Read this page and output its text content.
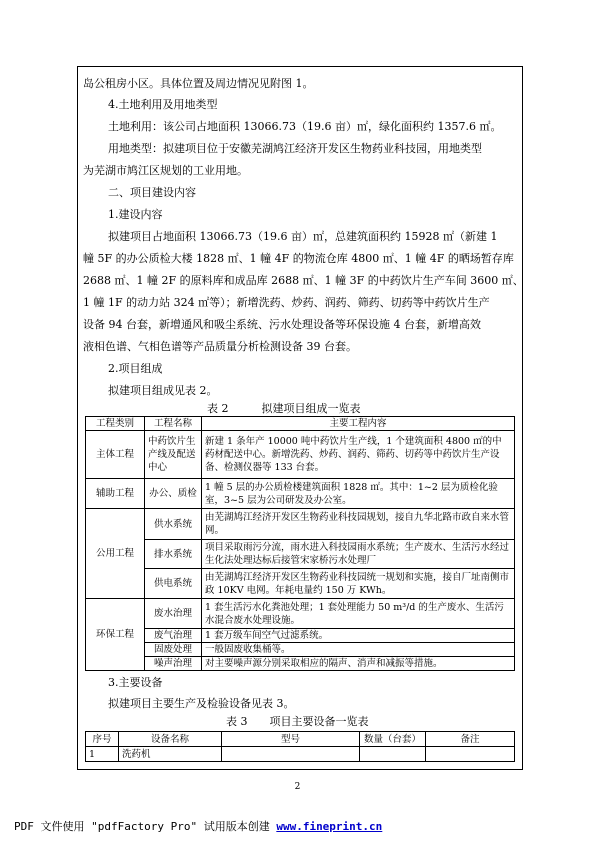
岛公租房小区。具体位置及周边情况见附图 1。
4.土地利用及用地类型
土地利用：该公司占地面积 13066.73（19.6 亩）㎡，绿化面积约 1357.6 ㎡。
用地类型：拟建项目位于安徽芜湖鸠江经济开发区生物药业科技园，用地类型
为芜湖市鸠江区规划的工业用地。
二、项目建设内容
1.建设内容
拟建项目占地面积 13066.73（19.6 亩）㎡，总建筑面积约 15928 ㎡（新建 1
幢 5F 的办公质检大楼 1828 ㎡、1 幢 4F 的物流仓库 4800 ㎡、1 幢 4F 的晒场暂存库
2688 ㎡、1 幢 2F 的原料库和成品库 2688 ㎡、1 幢 3F 的中药饮片生产车间 3600 ㎡、
1 幢 1F 的动力站 324 ㎡等）；新增洗药、炒药、润药、筛药、切药等中药饮片生产
设备 94 台套，新增通风和吸尘系统、污水处理设备等环保设施 4 台套，新增高效
液相色谱、气相色谱等产品质量分析检测设备 39 台套。
2.项目组成
拟建项目组成见表 2。
表 2　　　拟建项目组成一览表
工程类别	工程名称	主要工程内容
主体工程	中药饮片生产线及配送中心	新建 1 条年产 10000 吨中药饮片生产线，1 个建筑面积 4800 ㎡的中药材配送中心。新增洗药、炒药、润药、筛药、切药等中药饮片生产设备、检测仪器等 133 台套。
辅助工程	办公、质检	1 幢 5 层的办公质检楼建筑面积 1828 ㎡。其中：1~2 层为质检化验室，3~5 层为公司研发及办公室。
公用工程	供水系统	由芜湖鸠江经济开发区生物药业科技园规划，接自九华北路市政自来水管网。
	排水系统	项目采取雨污分流，雨水进入科技园雨水系统；生产废水、生活污水经过生化法处理达标后接管宋家桥污水处理厂
	供电系统	由芜湖鸠江经济开发区生物药业科技园统一规划和实施，接自厂址南侧市政 10KV 电网。年耗电量约 150 万 KWh。
环保工程	废水治理	1 套生活污水化粪池处理；1 套处理能力 50 m³/d 的生产废水、生活污水混合废水处理设施。
	废气治理	1 套万级车间空气过滤系统。
	固废处理	一般固废收集桶等。
	噪声治理	对主要噪声源分别采取相应的隔声、消声和减振等措施。
3.主要设备
拟建项目主要生产及检验设备见表 3。
表 3　　项目主要设备一览表
序号	设备名称	型号	数量（台套）	备注
1	洗药机			
2
PDF 文件使用 "pdfFactory Pro" 试用版本创建 www.fineprint.cn
